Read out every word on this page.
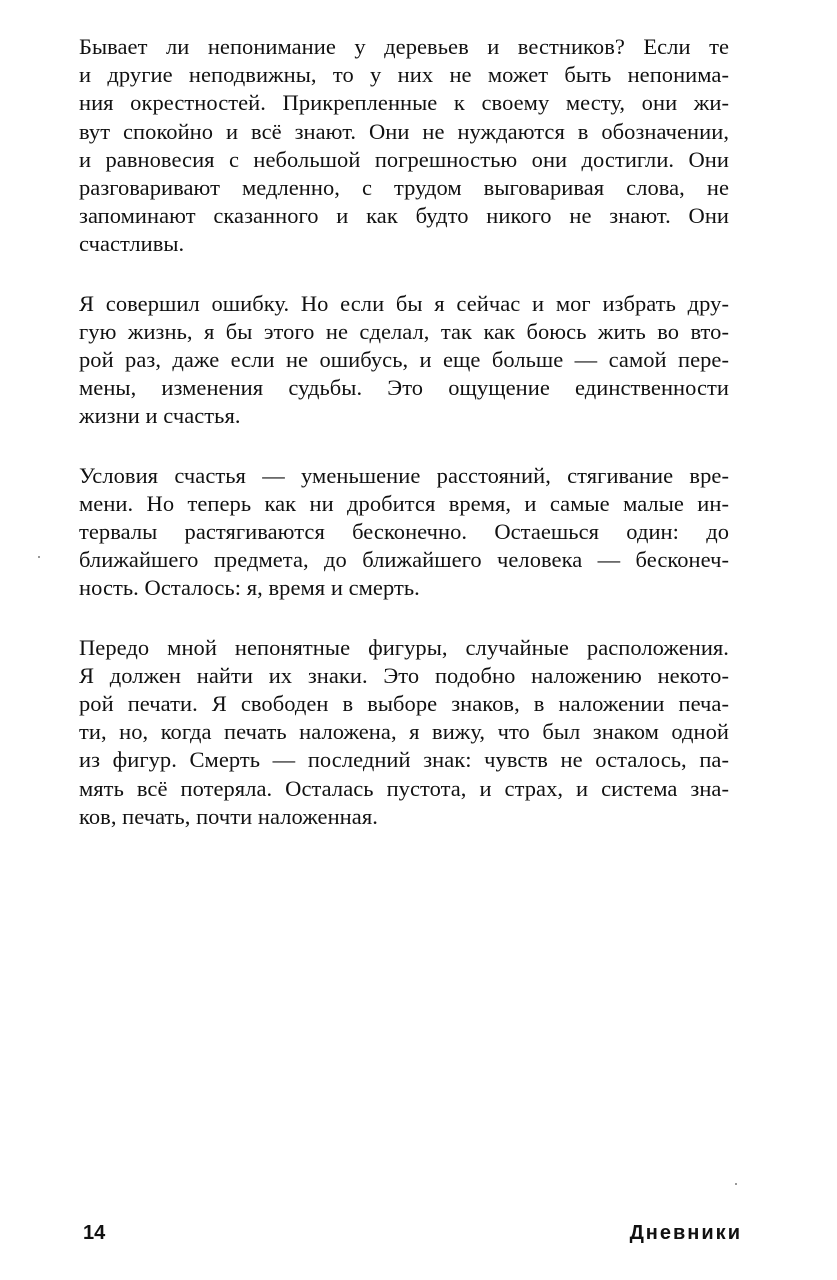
Бывает ли непонимание у деревьев и вестников? Если те
и другие неподвижны, то у них не может быть непонима-
ния окрестностей. Прикрепленные к своему месту, они жи-
вут спокойно и всё знают. Они не нуждаются в обозначении,
и равновесия с небольшой погрешностью они достигли. Они
разговаривают медленно, с трудом выговаривая слова, не
запоминают сказанного и как будто никого не знают. Они
счастливы.

Я совершил ошибку. Но если бы я сейчас и мог избрать дру-
гую жизнь, я бы этого не сделал, так как боюсь жить во вто-
рой раз, даже если не ошибусь, и еще больше — самой пере-
мены, изменения судьбы. Это ощущение единственности
жизни и счастья.

Условия счастья — уменьшение расстояний, стягивание вре-
мени. Но теперь как ни дробится время, и самые малые ин-
тервалы растягиваются бесконечно. Остаешься один: до
ближайшего предмета, до ближайшего человека — бесконеч-
ность. Осталось: я, время и смерть.

Передо мной непонятные фигуры, случайные расположения.
Я должен найти их знаки. Это подобно наложению некото-
рой печати. Я свободен в выборе знаков, в наложении печа-
ти, но, когда печать наложена, я вижу, что был знаком одной
из фигур. Смерть — последний знак: чувств не осталось, па-
мять всё потеряла. Осталась пустота, и страх, и система зна-
ков, печать, почти наложенная.

14	Дневники
